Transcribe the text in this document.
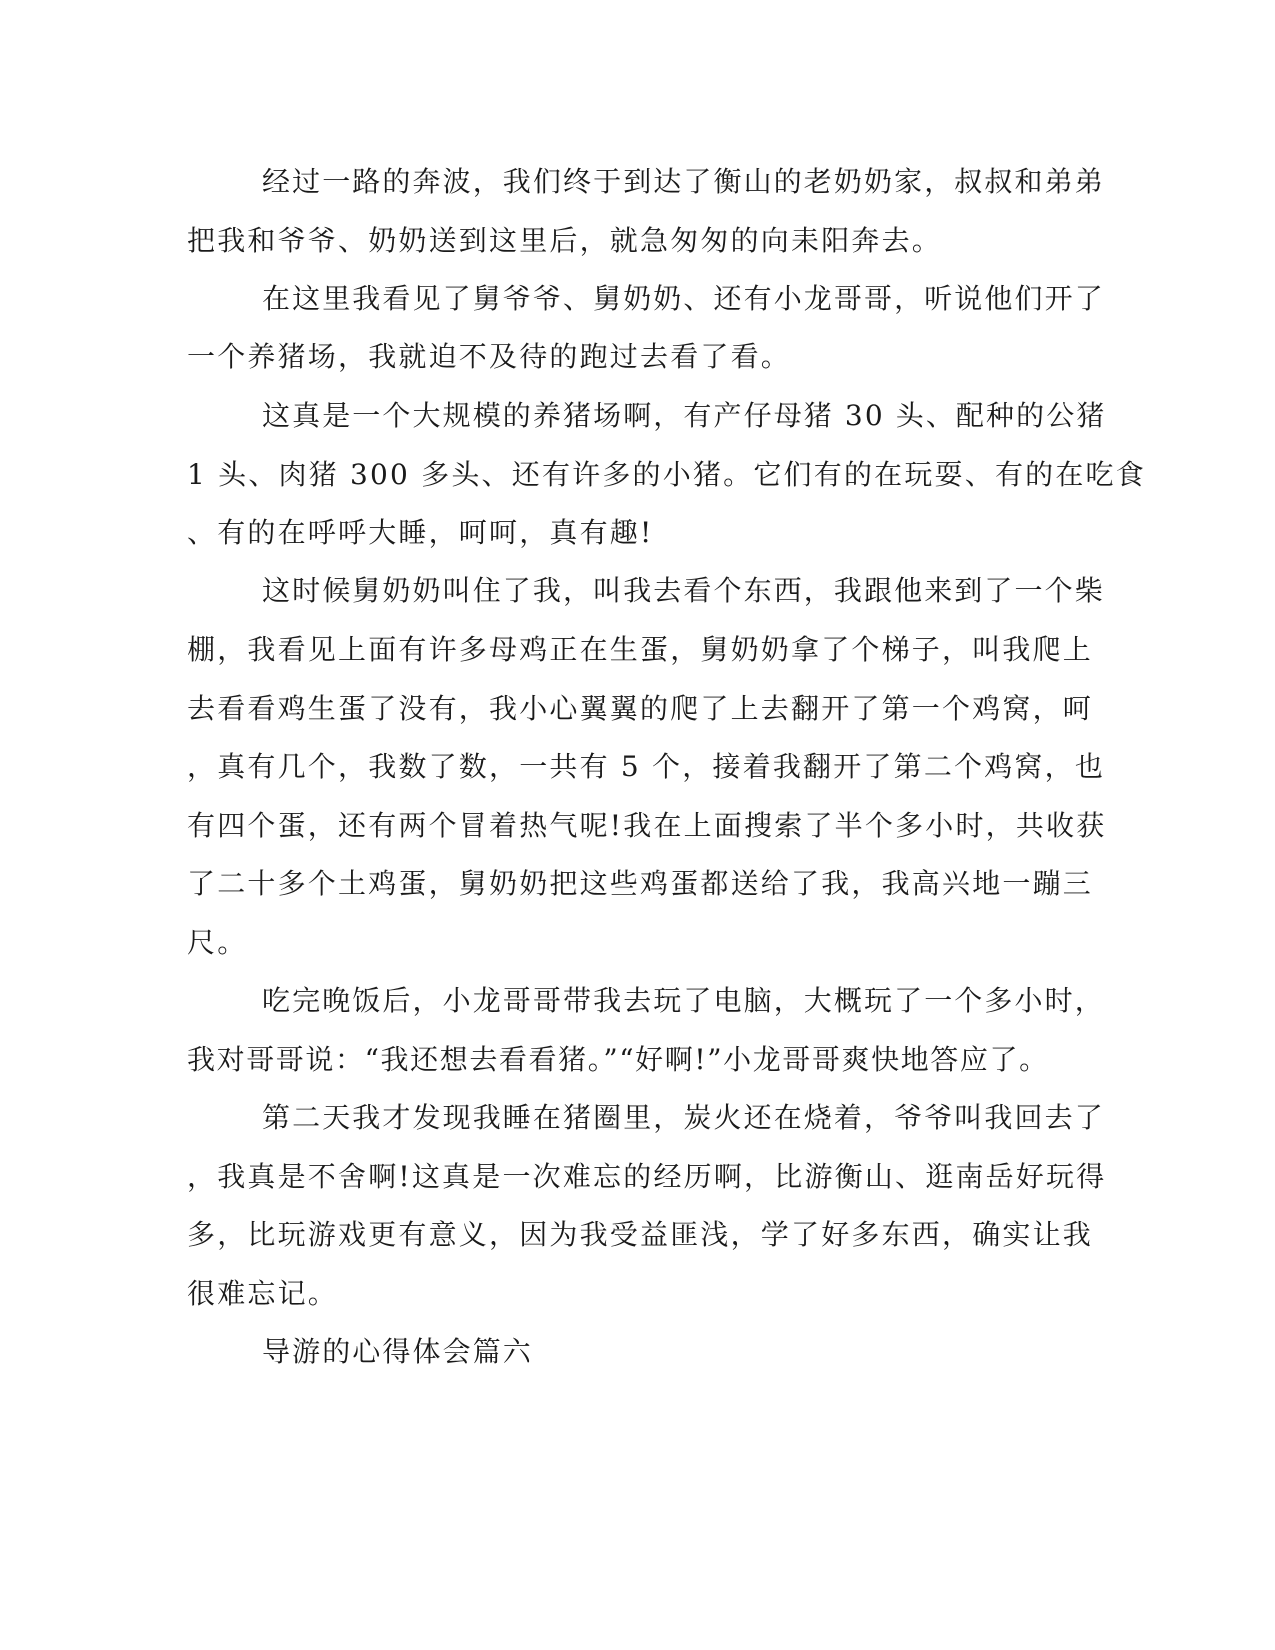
经过一路的奔波，我们终于到达了衡山的老奶奶家，叔叔和弟弟
把我和爷爷、奶奶送到这里后，就急匆匆的向耒阳奔去。
在这里我看见了舅爷爷、舅奶奶、还有小龙哥哥，听说他们开了
一个养猪场，我就迫不及待的跑过去看了看。
这真是一个大规模的养猪场啊，有产仔母猪 30 头、配种的公猪
1 头、肉猪 300 多头、还有许多的小猪。它们有的在玩耍、有的在吃食
、有的在呼呼大睡，呵呵，真有趣!
这时候舅奶奶叫住了我，叫我去看个东西，我跟他来到了一个柴
棚，我看见上面有许多母鸡正在生蛋，舅奶奶拿了个梯子，叫我爬上
去看看鸡生蛋了没有，我小心翼翼的爬了上去翻开了第一个鸡窝，呵
，真有几个，我数了数，一共有 5 个，接着我翻开了第二个鸡窝，也
有四个蛋，还有两个冒着热气呢!我在上面搜索了半个多小时，共收获
了二十多个土鸡蛋，舅奶奶把这些鸡蛋都送给了我，我高兴地一蹦三
尺。
吃完晚饭后，小龙哥哥带我去玩了电脑，大概玩了一个多小时，
我对哥哥说：“我还想去看看猪。”“好啊!”小龙哥哥爽快地答应了。
第二天我才发现我睡在猪圈里，炭火还在烧着，爷爷叫我回去了
，我真是不舍啊!这真是一次难忘的经历啊，比游衡山、逛南岳好玩得
多，比玩游戏更有意义，因为我受益匪浅，学了好多东西，确实让我
很难忘记。
导游的心得体会篇六
